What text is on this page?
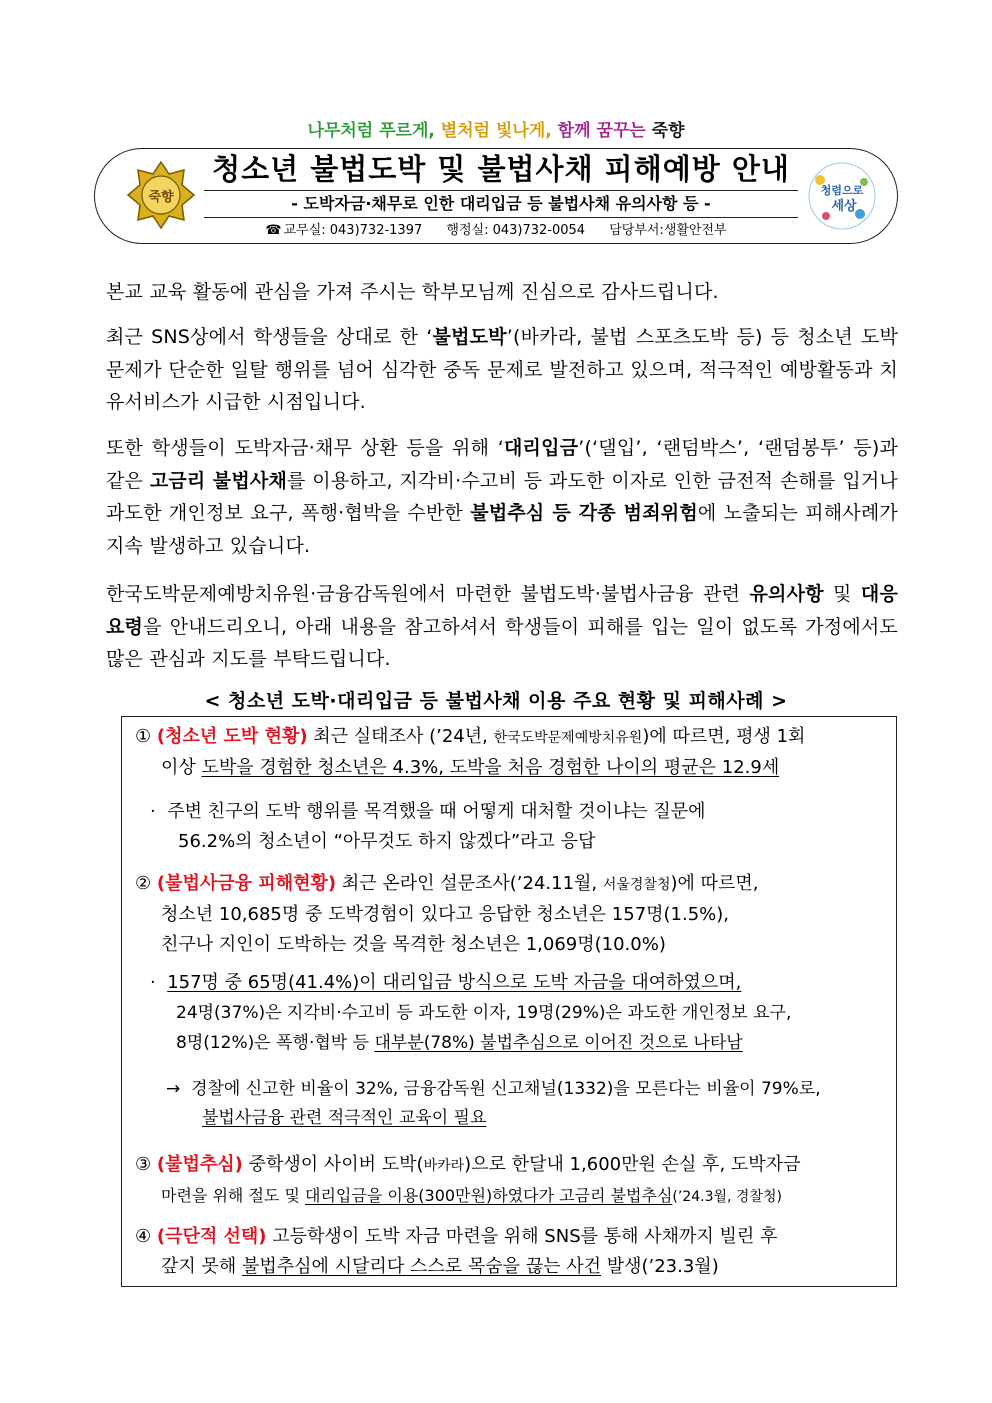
나무처럼 푸르게, 별처럼 빛나게, 함께 꿈꾸는 죽향
죽향
청소년 불법도박 및 불법사채 피해예방 안내
- 도박자금·채무로 인한 대리입금 등 불법사채 유의사항 등 -
☎ 교무실: 043)732-1397 행정실: 043)732-0054 담당부서:생활안전부
청렴으로
세상
본교 교육 활동에 관심을 가져 주시는 학부모님께 진심으로 감사드립니다.
최근 SNS상에서 학생들을 상대로 한 ‘불법도박’(바카라, 불법 스포츠도박 등) 등 청소년 도박 문제가 단순한 일탈 행위를 넘어 심각한 중독 문제로 발전하고 있으며, 적극적인 예방활동과 치유서비스가 시급한 시점입니다.
또한 학생들이 도박자금·채무 상환 등을 위해 ‘대리입금’(‘댈입’, ‘랜덤박스’, ‘랜덤봉투’ 등)과 같은 고금리 불법사채를 이용하고, 지각비·수고비 등 과도한 이자로 인한 금전적 손해를 입거나 과도한 개인정보 요구, 폭행·협박을 수반한 불법추심 등 각종 범죄위험에 노출되는 피해사례가 지속 발생하고 있습니다.
한국도박문제예방치유원·금융감독원에서 마련한 불법도박·불법사금융 관련 유의사항 및 대응요령을 안내드리오니, 아래 내용을 참고하셔서 학생들이 피해를 입는 일이 없도록 가정에서도 많은 관심과 지도를 부탁드립니다.
< 청소년 도박·대리입금 등 불법사채 이용 주요 현황 및 피해사례 >
① (청소년 도박 현황) 최근 실태조사 (’24년, 한국도박문제예방치유원)에 따르면, 평생 1회
이상 도박을 경험한 청소년은 4.3%, 도박을 처음 경험한 나이의 평균은 12.9세
· 주변 친구의 도박 행위를 목격했을 때 어떻게 대처할 것이냐는 질문에
56.2%의 청소년이 “아무것도 하지 않겠다”라고 응답
② (불법사금융 피해현황) 최근 온라인 설문조사(’24.11월, 서울경찰청)에 따르면,
청소년 10,685명 중 도박경험이 있다고 응답한 청소년은 157명(1.5%),
친구나 지인이 도박하는 것을 목격한 청소년은 1,069명(10.0%)
· 157명 중 65명(41.4%)이 대리입금 방식으로 도박 자금을 대여하였으며,
24명(37%)은 지각비·수고비 등 과도한 이자, 19명(29%)은 과도한 개인정보 요구,
8명(12%)은 폭행·협박 등 대부분(78%) 불법추심으로 이어진 것으로 나타남
→ 경찰에 신고한 비율이 32%, 금융감독원 신고채널(1332)을 모른다는 비율이 79%로,
불법사금융 관련 적극적인 교육이 필요
③ (불법추심) 중학생이 사이버 도박(바카라)으로 한달내 1,600만원 손실 후, 도박자금
마련을 위해 절도 및 대리입금을 이용(300만원)하였다가 고금리 불법추심(’24.3월, 경찰청)
④ (극단적 선택) 고등학생이 도박 자금 마련을 위해 SNS를 통해 사채까지 빌린 후
갚지 못해 불법추심에 시달리다 스스로 목숨을 끊는 사건 발생(’23.3월)
